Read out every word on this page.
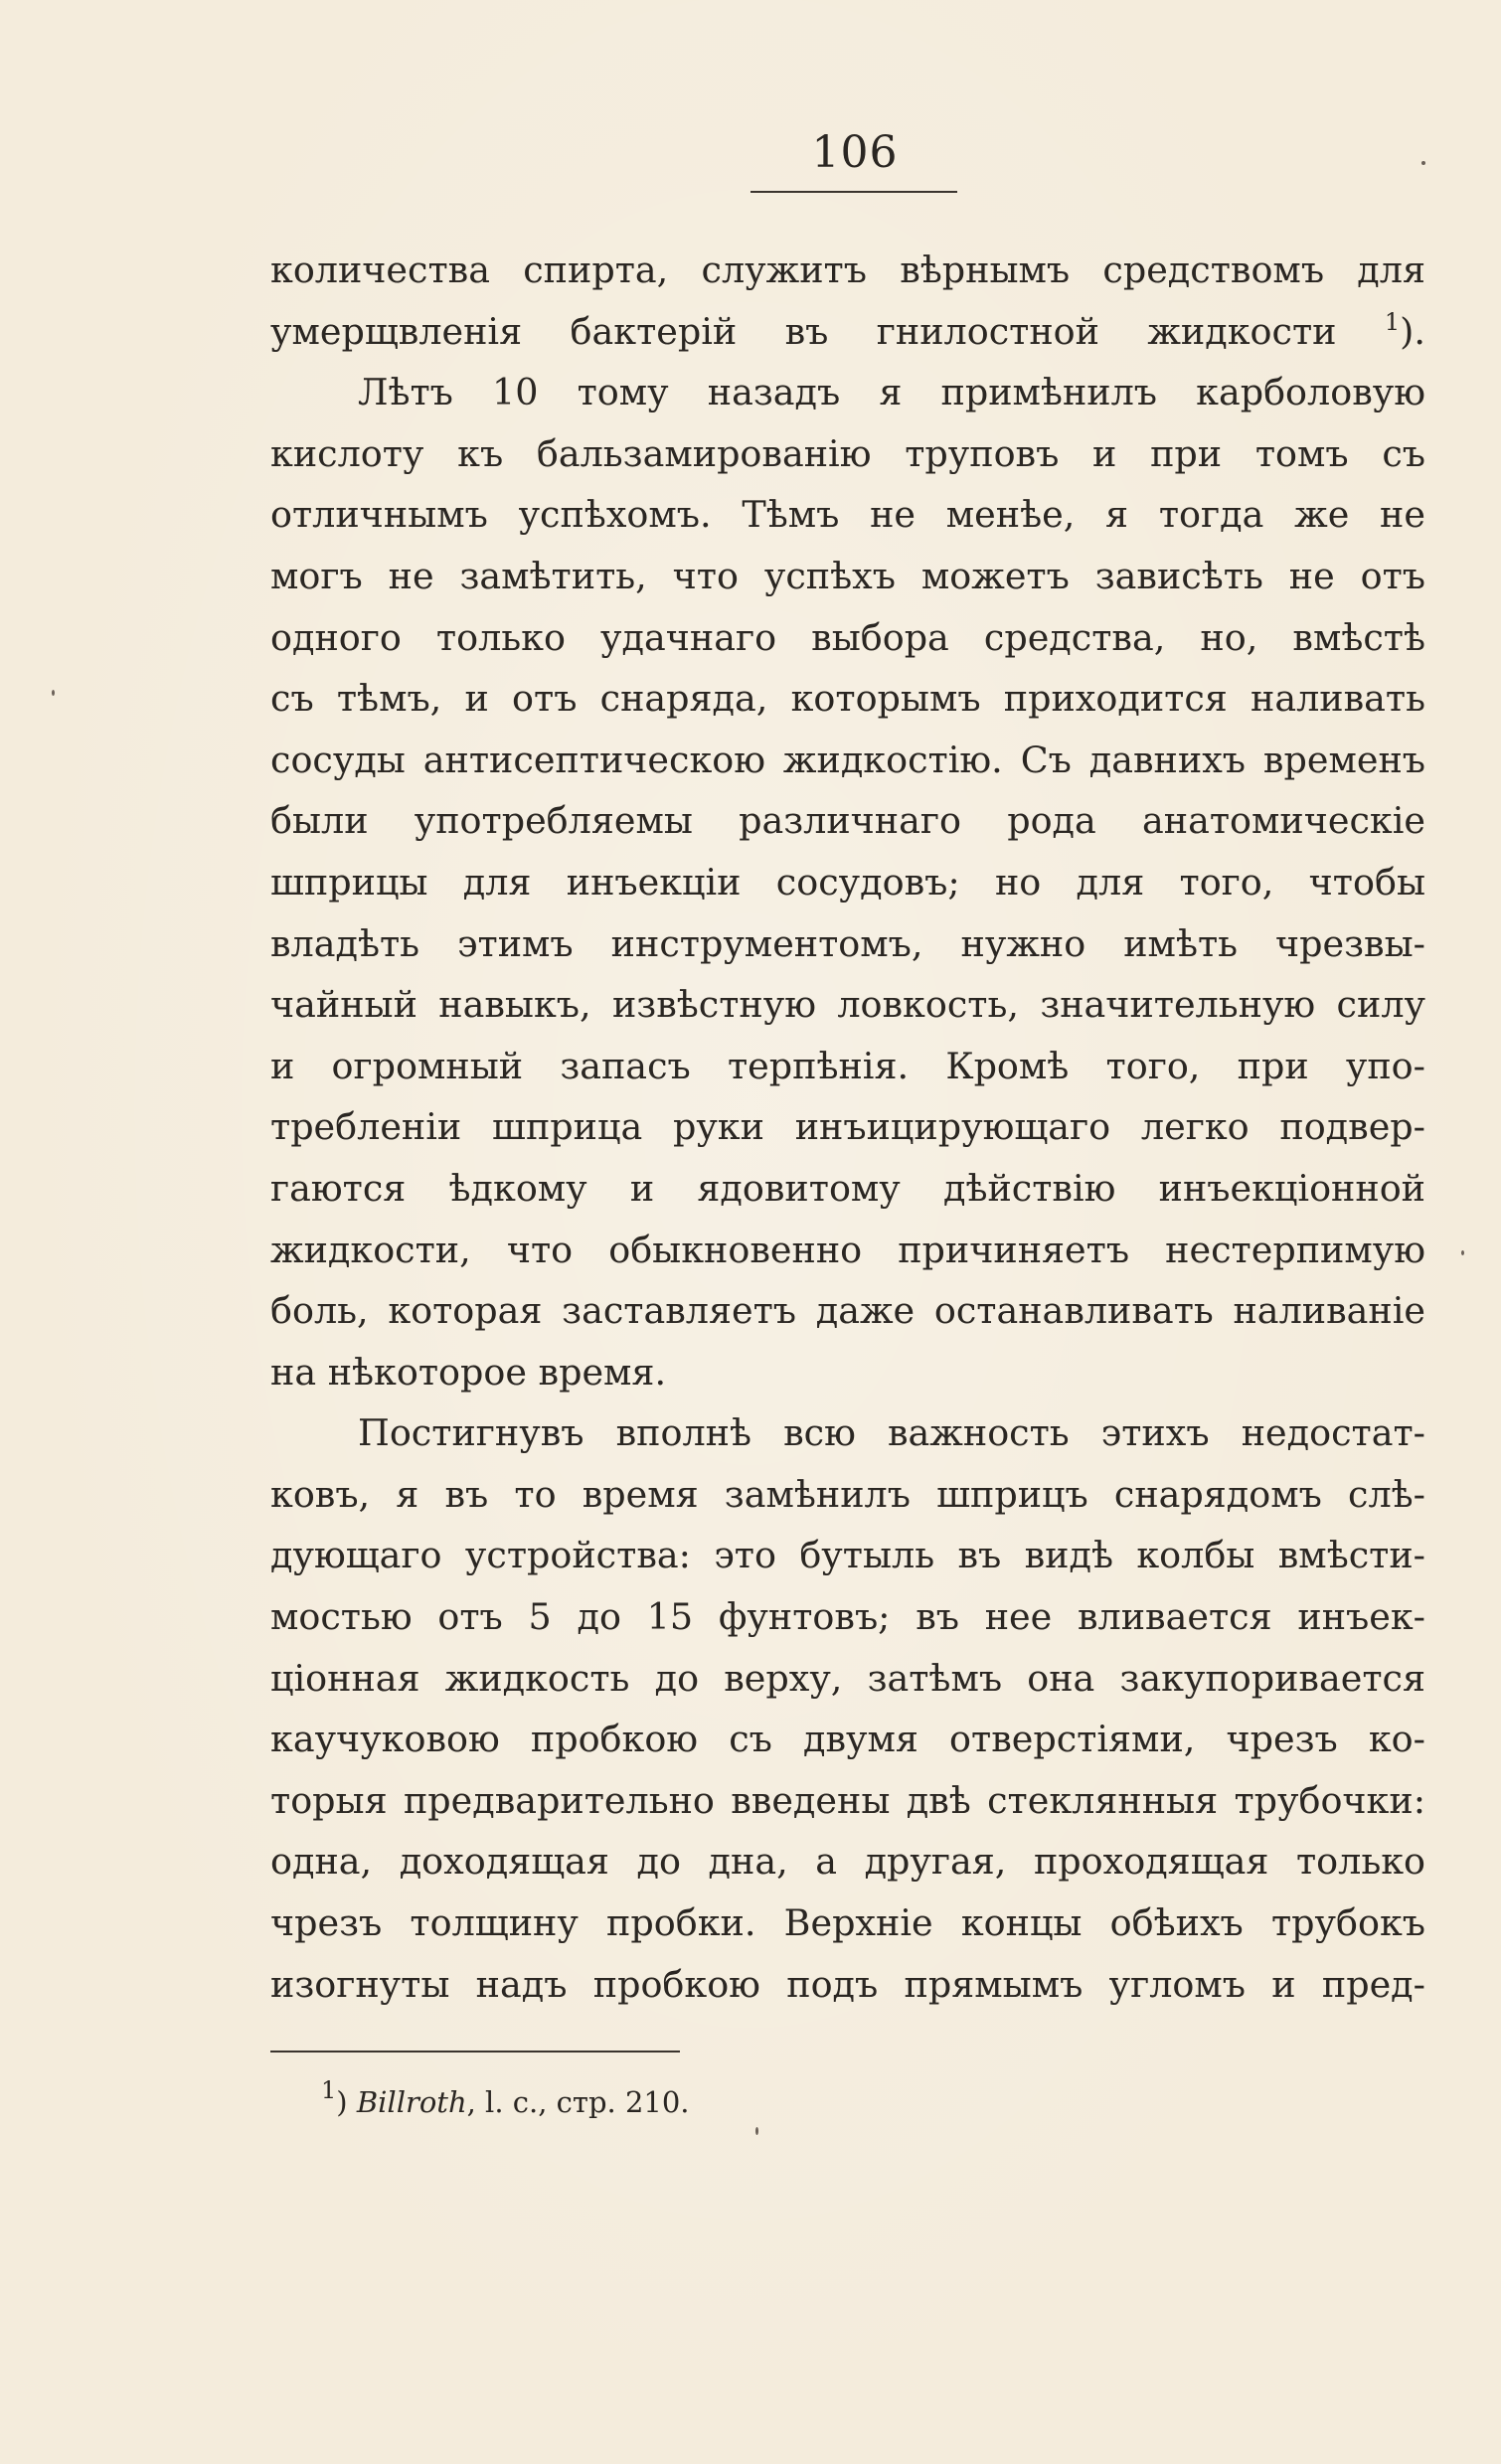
106
количества спирта, служитъ вѣрнымъ средствомъ для
умерщвленія бактерій въ гнилостной жидкости $^1$).
Лѣтъ 10 тому назадъ я примѣнилъ карболовую
кислоту къ бальзамированію труповъ и при томъ съ
отличнымъ успѣхомъ. Тѣмъ не менѣе, я тогда же не
могъ не замѣтить, что успѣхъ можетъ зависѣть не отъ
одного только удачнаго выбора средства, но, вмѣстѣ
съ тѣмъ, и отъ снаряда, которымъ приходится наливать
сосуды антисептическою жидкостію. Съ давнихъ временъ
были употребляемы различнаго рода анатомическіе
шприцы для инъекціи сосудовъ; но для того, чтобы
владѣть этимъ инструментомъ, нужно имѣть чрезвы-
чайный навыкъ, извѣстную ловкость, значительную силу
и огромный запасъ терпѣнія. Кромѣ того, при упо-
требленіи шприца руки инъицирующаго легко подвер-
гаются ѣдкому и ядовитому дѣйствію инъекціонной
жидкости, что обыкновенно причиняетъ нестерпимую
боль, которая заставляетъ даже останавливать наливаніе
на нѣкоторое время.
Постигнувъ вполнѣ всю важность этихъ недостат-
ковъ, я въ то время замѣнилъ шприцъ снарядомъ слѣ-
дующаго устройства: это бутыль въ видѣ колбы вмѣсти-
мостью отъ 5 до 15 фунтовъ; въ нее вливается инъек-
ціонная жидкость до верху, затѣмъ она закупоривается
каучуковою пробкою съ двумя отверстіями, чрезъ ко-
торыя предварительно введены двѣ стеклянныя трубочки:
одна, доходящая до дна, а другая, проходящая только
чрезъ толщину пробки. Верхніе концы обѣихъ трубокъ
изогнуты надъ пробкою подъ прямымъ угломъ и пред-
$^1$) Billroth, l. c., стр. 210.
